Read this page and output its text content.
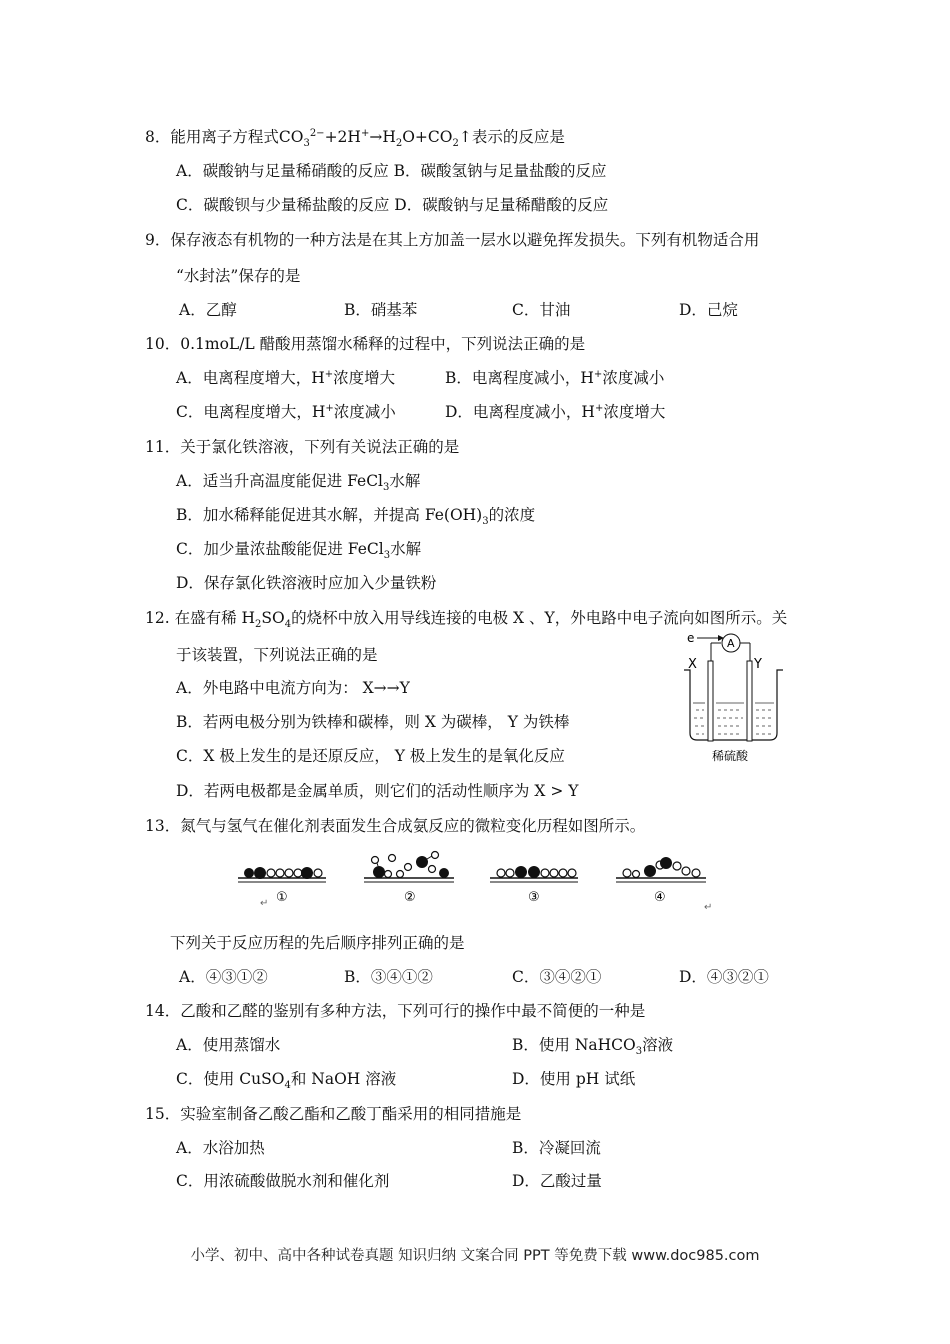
8．能用离子方程式$CO_3^{2-}+2H^+\to H_2O+CO_2↑$表示的反应是
A．碳酸钠与足量稀硝酸的反应 B．碳酸氢钠与足量盐酸的反应
C．碳酸钡与少量稀盐酸的反应 D．碳酸钠与足量稀醋酸的反应
9．保存液态有机物的一种方法是在其上方加盖一层水以避免挥发损失。下列有机物适合用
“水封法”保存的是
A．乙醇	B．硝基苯	C．甘油	D．己烷
10．0.1moL/L 醋酸用蒸馏水稀释的过程中，下列说法正确的是
A．电离程度增大，H+浓度增大	B．电离程度减小，H+浓度减小
C．电离程度增大，H+浓度减小	D．电离程度减小，H+浓度增大
11．关于氯化铁溶液，下列有关说法正确的是
A．适当升高温度能促进 FeCl$_3$水解
B．加水稀释能促进其水解，并提高 $Fe(OH)_3$的浓度
C．加少量浓盐酸能促进 FeCl$_3$水解
D．保存氯化铁溶液时应加入少量铁粉
12. 在盛有稀 $H_2SO_4$的烧杯中放入用导线连接的电极 X 、Y，外电路中电子流向如图所示。关
于该装置，下列说法正确的是
A．外电路中电流方向为： X→→Y
B．若两电极分别为铁棒和碳棒，则 X 为碳棒， Y 为铁棒
C．X 极上发生的是还原反应， Y 极上发生的是氧化反应
D．若两电极都是金属单质，则它们的活动性顺序为 X > Y
e	A
X	Y
稀硫酸
13．氮气与氢气在催化剂表面发生合成氨反应的微粒变化历程如图所示。
①
↵	②	③	④
↵
下列关于反应历程的先后顺序排列正确的是
A．④③①②	B．③④①②	C．③④②①	D．④③②①
14．乙酸和乙醛的鉴别有多种方法，下列可行的操作中最不简便的一种是
A．使用蒸馏水	B．使用 NaHCO$_3$溶液
C．使用 CuSO$_4$和 NaOH 溶液	D．使用 pH 试纸
15．实验室制备乙酸乙酯和乙酸丁酯采用的相同措施是
A．水浴加热	B．冷凝回流
C．用浓硫酸做脱水剂和催化剂	D．乙酸过量
小学、初中、高中各种试卷真题 知识归纳 文案合同 PPT 等免费下载 www.doc985.com
